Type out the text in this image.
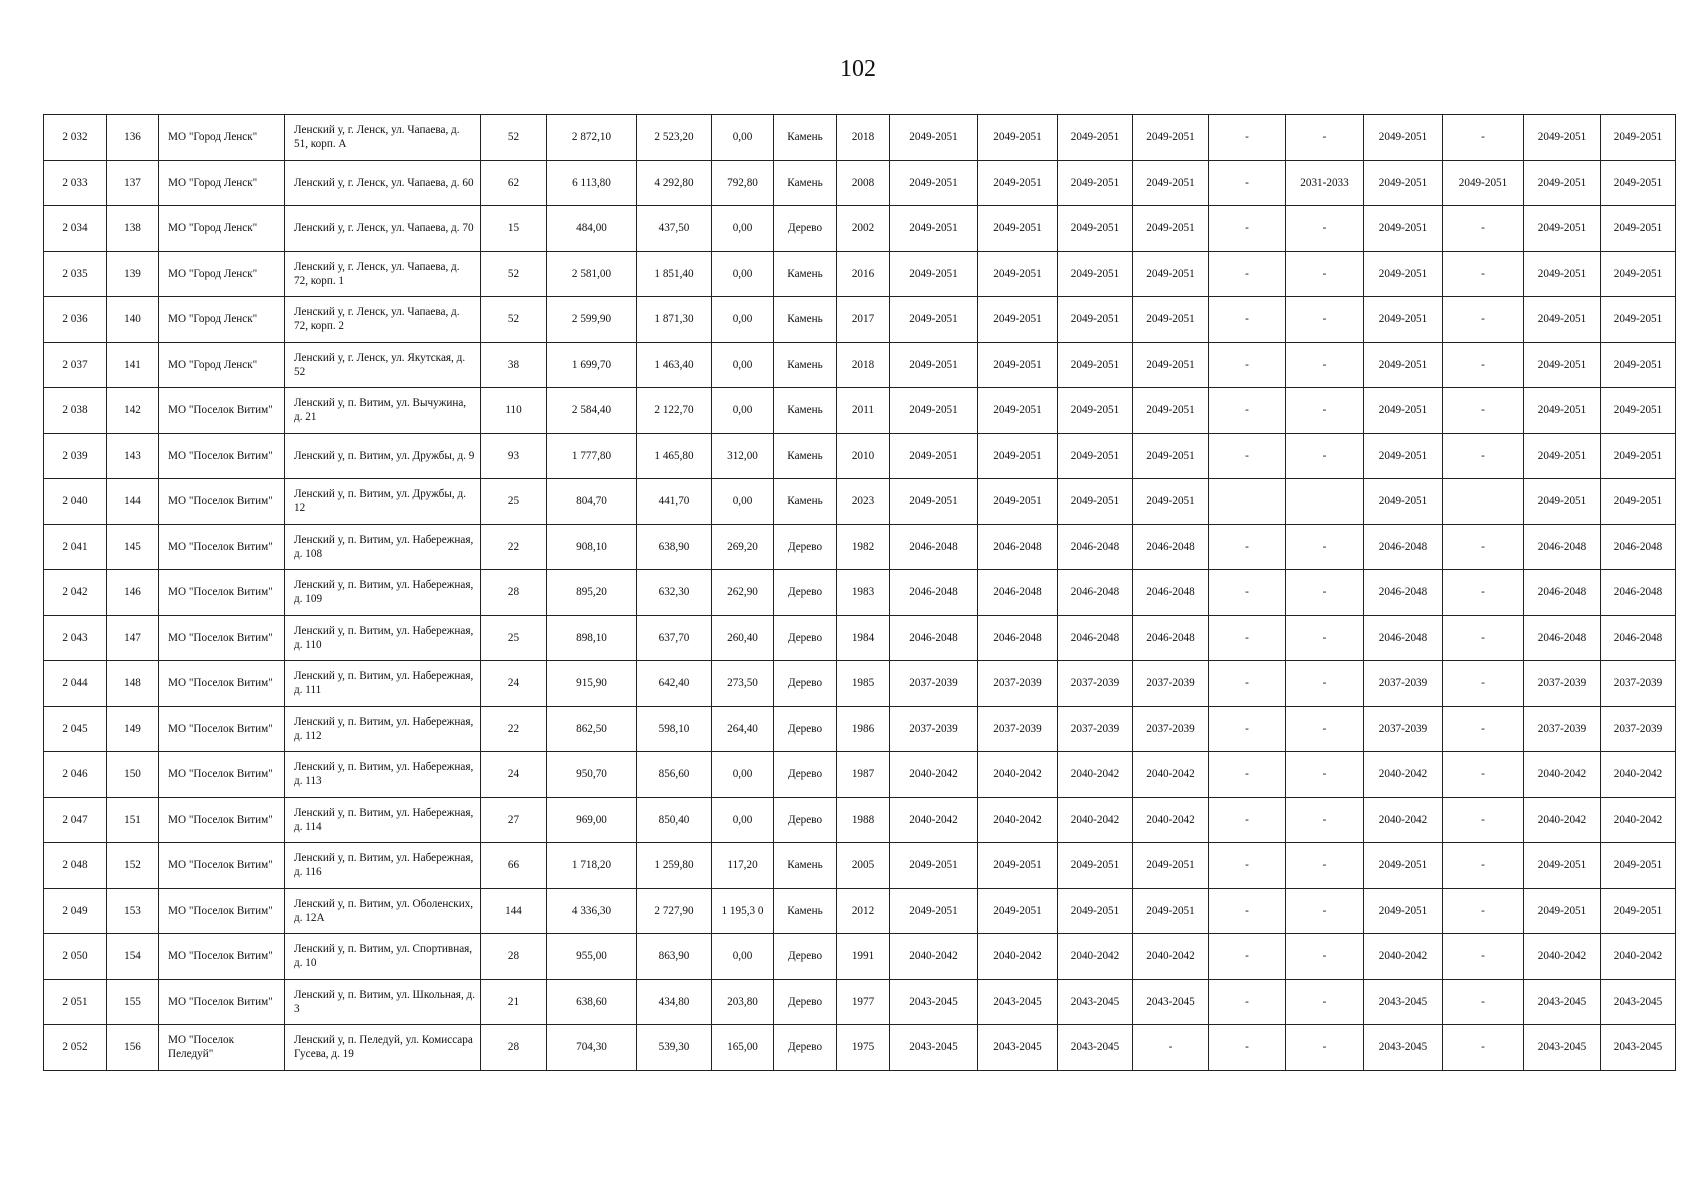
102
2 032	136	МО "Город Ленск"	Ленский у, г. Ленск, ул. Чапаева, д. 51, корп. А	52	2 872,10	2 523,20	0,00	Камень	2018	2049-2051	2049-2051	2049-2051	2049-2051	-	-	2049-2051	-	2049-2051	2049-2051
2 033	137	МО "Город Ленск"	Ленский у, г. Ленск, ул. Чапаева, д. 60	62	6 113,80	4 292,80	792,80	Камень	2008	2049-2051	2049-2051	2049-2051	2049-2051	-	2031-2033	2049-2051	2049-2051	2049-2051	2049-2051
2 034	138	МО "Город Ленск"	Ленский у, г. Ленск, ул. Чапаева, д. 70	15	484,00	437,50	0,00	Дерево	2002	2049-2051	2049-2051	2049-2051	2049-2051	-	-	2049-2051	-	2049-2051	2049-2051
2 035	139	МО "Город Ленск"	Ленский у, г. Ленск, ул. Чапаева, д. 72, корп. 1	52	2 581,00	1 851,40	0,00	Камень	2016	2049-2051	2049-2051	2049-2051	2049-2051	-	-	2049-2051	-	2049-2051	2049-2051
2 036	140	МО "Город Ленск"	Ленский у, г. Ленск, ул. Чапаева, д. 72, корп. 2	52	2 599,90	1 871,30	0,00	Камень	2017	2049-2051	2049-2051	2049-2051	2049-2051	-	-	2049-2051	-	2049-2051	2049-2051
2 037	141	МО "Город Ленск"	Ленский у, г. Ленск, ул. Якутская, д. 52	38	1 699,70	1 463,40	0,00	Камень	2018	2049-2051	2049-2051	2049-2051	2049-2051	-	-	2049-2051	-	2049-2051	2049-2051
2 038	142	МО "Поселок Витим"	Ленский у, п. Витим, ул. Вычужина, д. 21	110	2 584,40	2 122,70	0,00	Камень	2011	2049-2051	2049-2051	2049-2051	2049-2051	-	-	2049-2051	-	2049-2051	2049-2051
2 039	143	МО "Поселок Витим"	Ленский у, п. Витим, ул. Дружбы, д. 9	93	1 777,80	1 465,80	312,00	Камень	2010	2049-2051	2049-2051	2049-2051	2049-2051	-	-	2049-2051	-	2049-2051	2049-2051
2 040	144	МО "Поселок Витим"	Ленский у, п. Витим, ул. Дружбы, д. 12	25	804,70	441,70	0,00	Камень	2023	2049-2051	2049-2051	2049-2051	2049-2051			2049-2051		2049-2051	2049-2051
2 041	145	МО "Поселок Витим"	Ленский у, п. Витим, ул. Набережная, д. 108	22	908,10	638,90	269,20	Дерево	1982	2046-2048	2046-2048	2046-2048	2046-2048	-	-	2046-2048	-	2046-2048	2046-2048
2 042	146	МО "Поселок Витим"	Ленский у, п. Витим, ул. Набережная, д. 109	28	895,20	632,30	262,90	Дерево	1983	2046-2048	2046-2048	2046-2048	2046-2048	-	-	2046-2048	-	2046-2048	2046-2048
2 043	147	МО "Поселок Витим"	Ленский у, п. Витим, ул. Набережная, д. 110	25	898,10	637,70	260,40	Дерево	1984	2046-2048	2046-2048	2046-2048	2046-2048	-	-	2046-2048	-	2046-2048	2046-2048
2 044	148	МО "Поселок Витим"	Ленский у, п. Витим, ул. Набережная, д. 111	24	915,90	642,40	273,50	Дерево	1985	2037-2039	2037-2039	2037-2039	2037-2039	-	-	2037-2039	-	2037-2039	2037-2039
2 045	149	МО "Поселок Витим"	Ленский у, п. Витим, ул. Набережная, д. 112	22	862,50	598,10	264,40	Дерево	1986	2037-2039	2037-2039	2037-2039	2037-2039	-	-	2037-2039	-	2037-2039	2037-2039
2 046	150	МО "Поселок Витим"	Ленский у, п. Витим, ул. Набережная, д. 113	24	950,70	856,60	0,00	Дерево	1987	2040-2042	2040-2042	2040-2042	2040-2042	-	-	2040-2042	-	2040-2042	2040-2042
2 047	151	МО "Поселок Витим"	Ленский у, п. Витим, ул. Набережная, д. 114	27	969,00	850,40	0,00	Дерево	1988	2040-2042	2040-2042	2040-2042	2040-2042	-	-	2040-2042	-	2040-2042	2040-2042
2 048	152	МО "Поселок Витим"	Ленский у, п. Витим, ул. Набережная, д. 116	66	1 718,20	1 259,80	117,20	Камень	2005	2049-2051	2049-2051	2049-2051	2049-2051	-	-	2049-2051	-	2049-2051	2049-2051
2 049	153	МО "Поселок Витим"	Ленский у, п. Витим, ул. Оболенских, д. 12А	144	4 336,30	2 727,90	1 195,3 0	Камень	2012	2049-2051	2049-2051	2049-2051	2049-2051	-	-	2049-2051	-	2049-2051	2049-2051
2 050	154	МО "Поселок Витим"	Ленский у, п. Витим, ул. Спортивная, д. 10	28	955,00	863,90	0,00	Дерево	1991	2040-2042	2040-2042	2040-2042	2040-2042	-	-	2040-2042	-	2040-2042	2040-2042
2 051	155	МО "Поселок Витим"	Ленский у, п. Витим, ул. Школьная, д. 3	21	638,60	434,80	203,80	Дерево	1977	2043-2045	2043-2045	2043-2045	2043-2045	-	-	2043-2045	-	2043-2045	2043-2045
2 052	156	МО "Поселок Пеледуй"	Ленский у, п. Пеледуй, ул. Комиссара Гусева, д. 19	28	704,30	539,30	165,00	Дерево	1975	2043-2045	2043-2045	2043-2045	-	-	-	2043-2045	-	2043-2045	2043-2045
